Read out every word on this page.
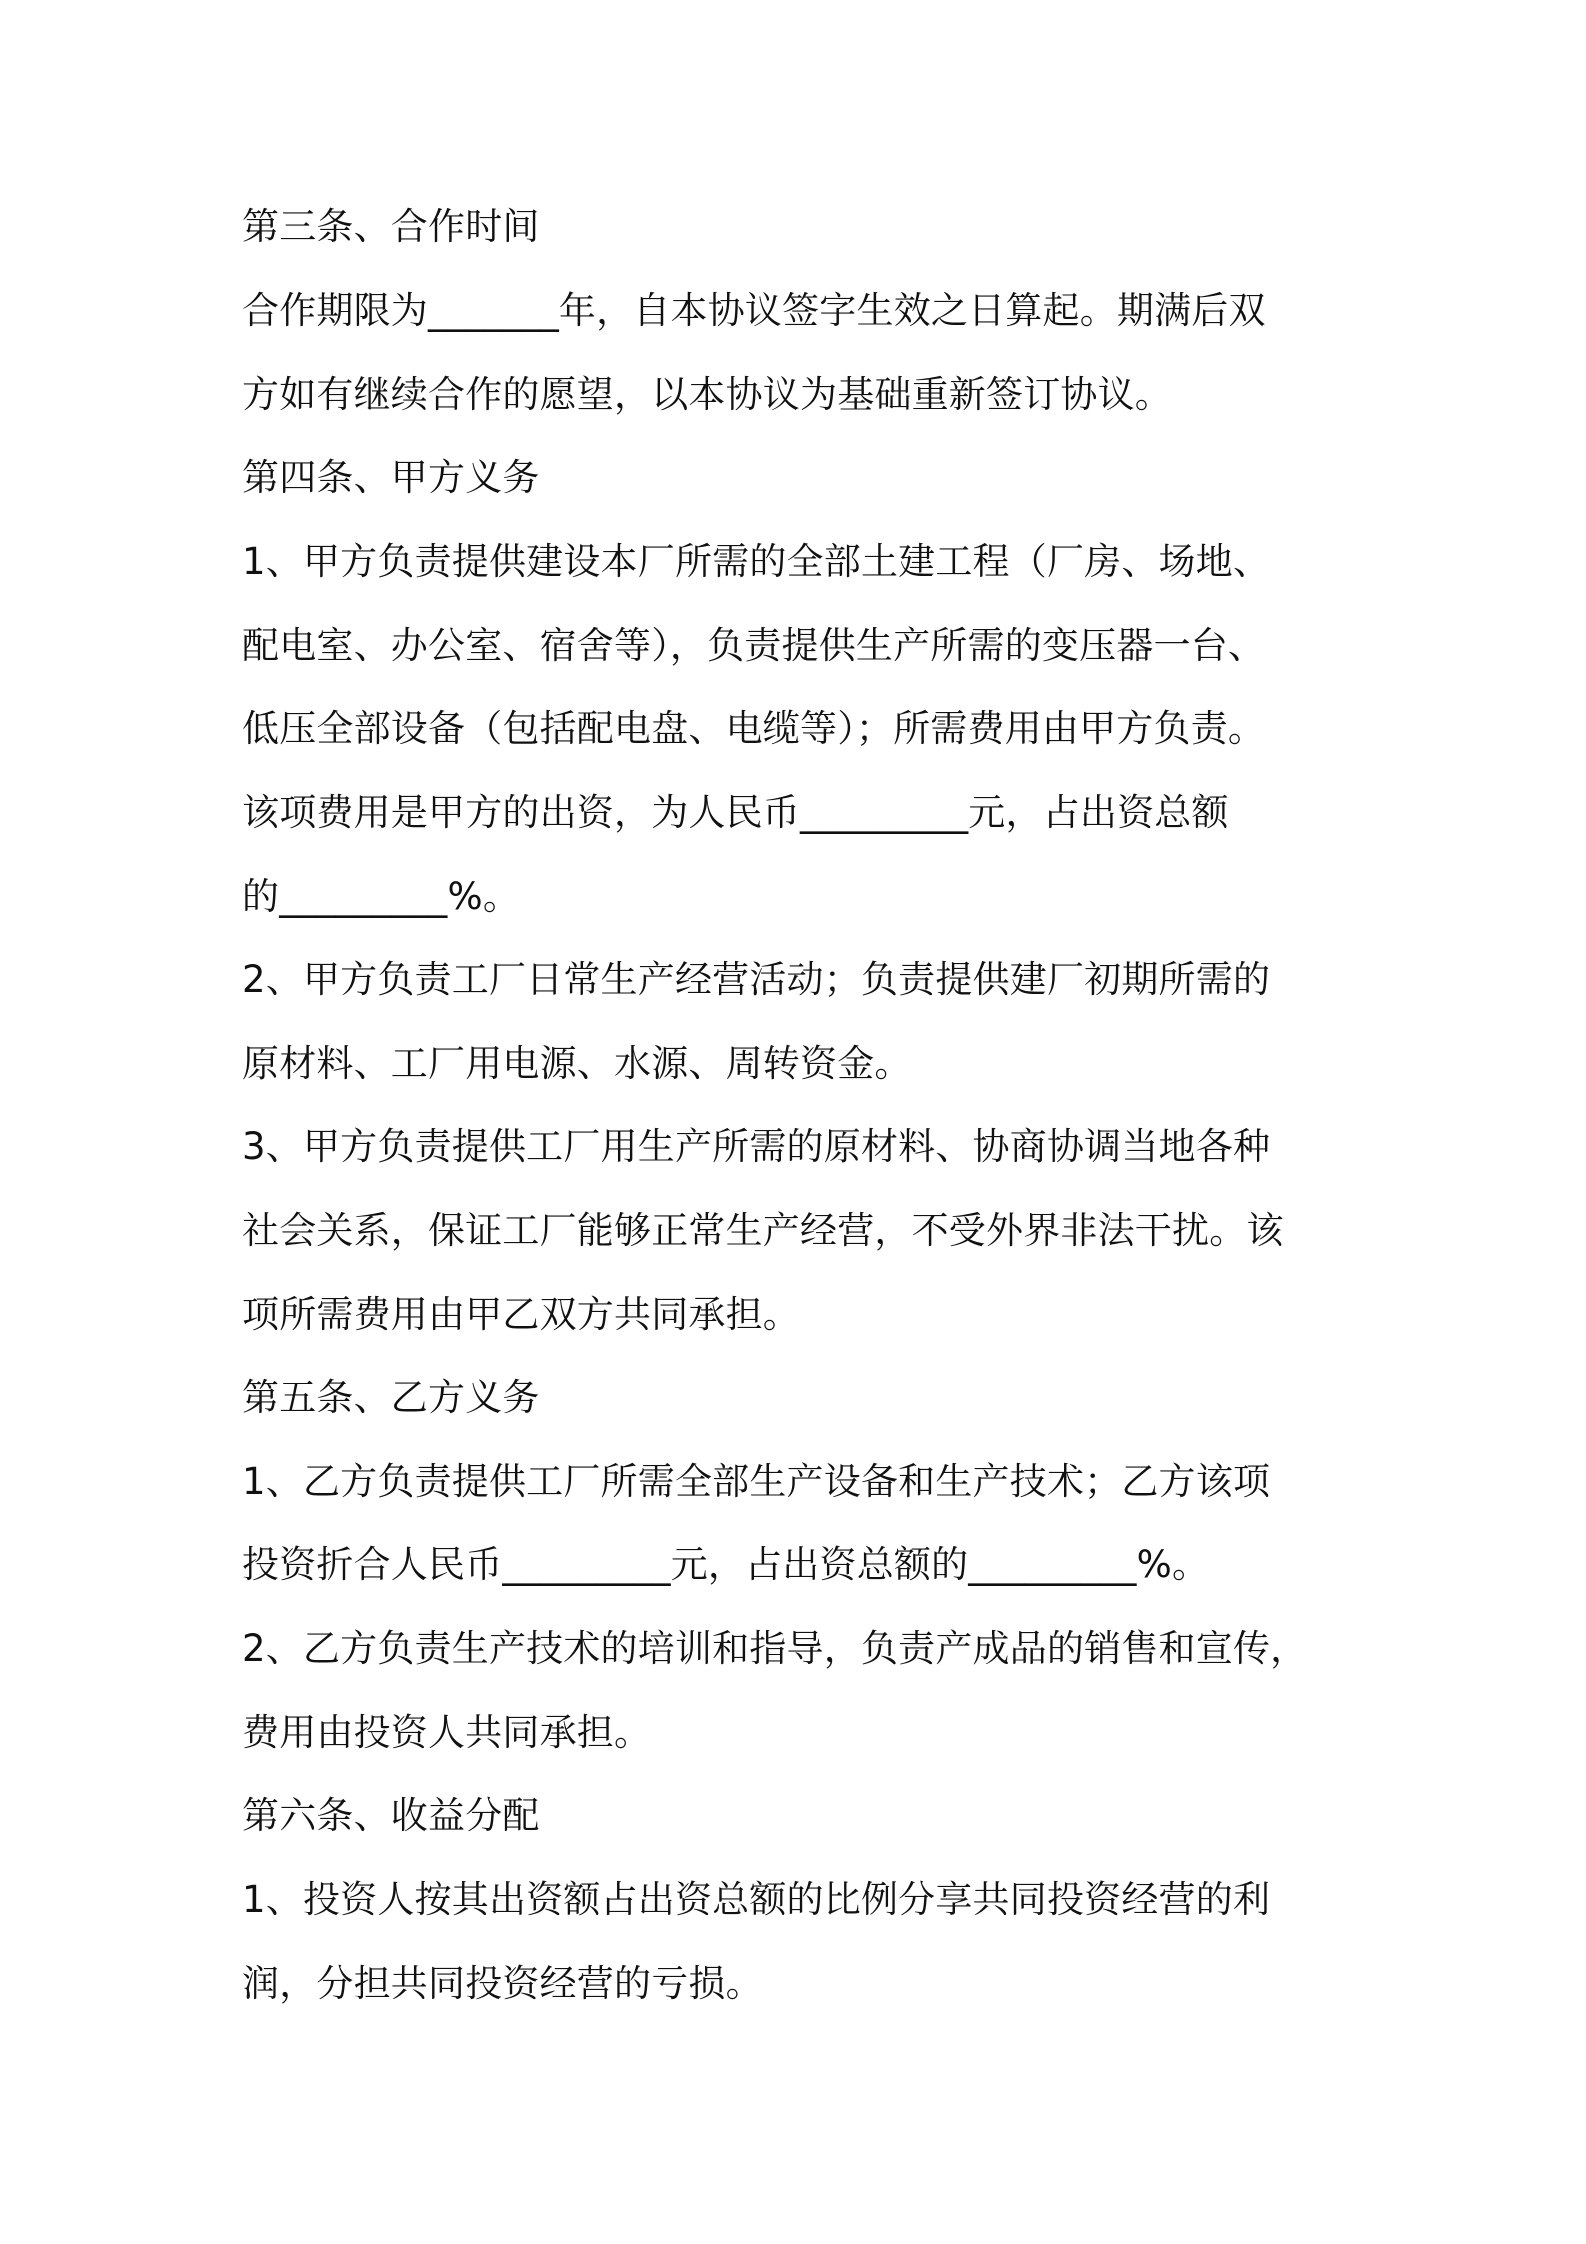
第三条、合作时间
合作期限为_______年，自本协议签字生效之日算起。期满后双
方如有继续合作的愿望，以本协议为基础重新签订协议。
第四条、甲方义务
1、甲方负责提供建设本厂所需的全部土建工程（厂房、场地、
配电室、办公室、宿舍等），负责提供生产所需的变压器一台、
低压全部设备（包括配电盘、电缆等）；所需费用由甲方负责。
该项费用是甲方的出资，为人民币_________元，占出资总额
的_________%。
2、甲方负责工厂日常生产经营活动；负责提供建厂初期所需的
原材料、工厂用电源、水源、周转资金。
3、甲方负责提供工厂用生产所需的原材料、协商协调当地各种
社会关系，保证工厂能够正常生产经营，不受外界非法干扰。该
项所需费用由甲乙双方共同承担。
第五条、乙方义务
1、乙方负责提供工厂所需全部生产设备和生产技术；乙方该项
投资折合人民币_________元，占出资总额的_________%。
2、乙方负责生产技术的培训和指导，负责产成品的销售和宣传，
费用由投资人共同承担。
第六条、收益分配
1、投资人按其出资额占出资总额的比例分享共同投资经营的利
润，分担共同投资经营的亏损。
